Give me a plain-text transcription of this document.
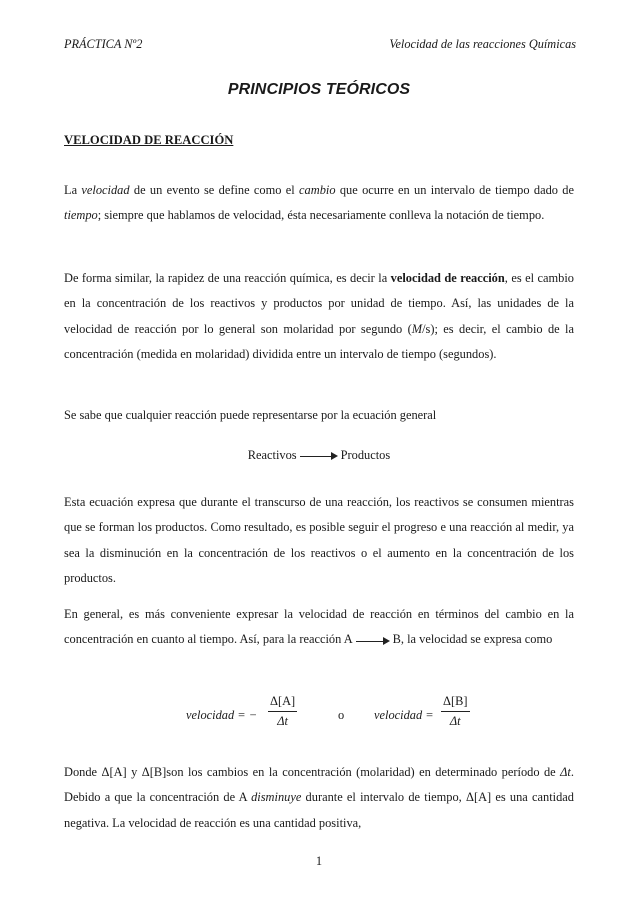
PRÁCTICA Nº2	Velocidad de las reacciones Químicas
PRINCIPIOS TEÓRICOS
VELOCIDAD DE REACCIÓN
La velocidad de un evento se define como el cambio que ocurre en un intervalo de tiempo dado de tiempo; siempre que hablamos de velocidad, ésta necesariamente conlleva la notación de tiempo.
De forma similar, la rapidez de una reacción química, es decir la velocidad de reacción, es el cambio en la concentración de los reactivos y productos por unidad de tiempo. Así, las unidades de la velocidad de reacción por lo general son molaridad por segundo (M/s); es decir, el cambio de la concentración (medida en molaridad) dividida entre un intervalo de tiempo (segundos).
Se sabe que cualquier reacción puede representarse por la ecuación general
Reactivos	Productos
Esta ecuación expresa que durante el transcurso de una reacción, los reactivos se consumen mientras que se forman los productos. Como resultado, es posible seguir el progreso e una reacción al medir, ya sea la disminución en la concentración de los reactivos o el aumento en la concentración de los productos.
En general, es más conveniente expresar la velocidad de reacción en términos del cambio en la concentración en cuanto al tiempo. Así, para la reacción A	B, la velocidad se expresa como
velocidad = − $\frac{\Delta[A]}{\Delta t}$	o velocidad = $\frac{\Delta[B]}{\Delta t}$
Donde Δ[A] y Δ[B]son los cambios en la concentración (molaridad) en determinado período de Δt. Debido a que la concentración de A disminuye durante el intervalo de tiempo, Δ[A] es una cantidad negativa. La velocidad de reacción es una cantidad positiva,
1
